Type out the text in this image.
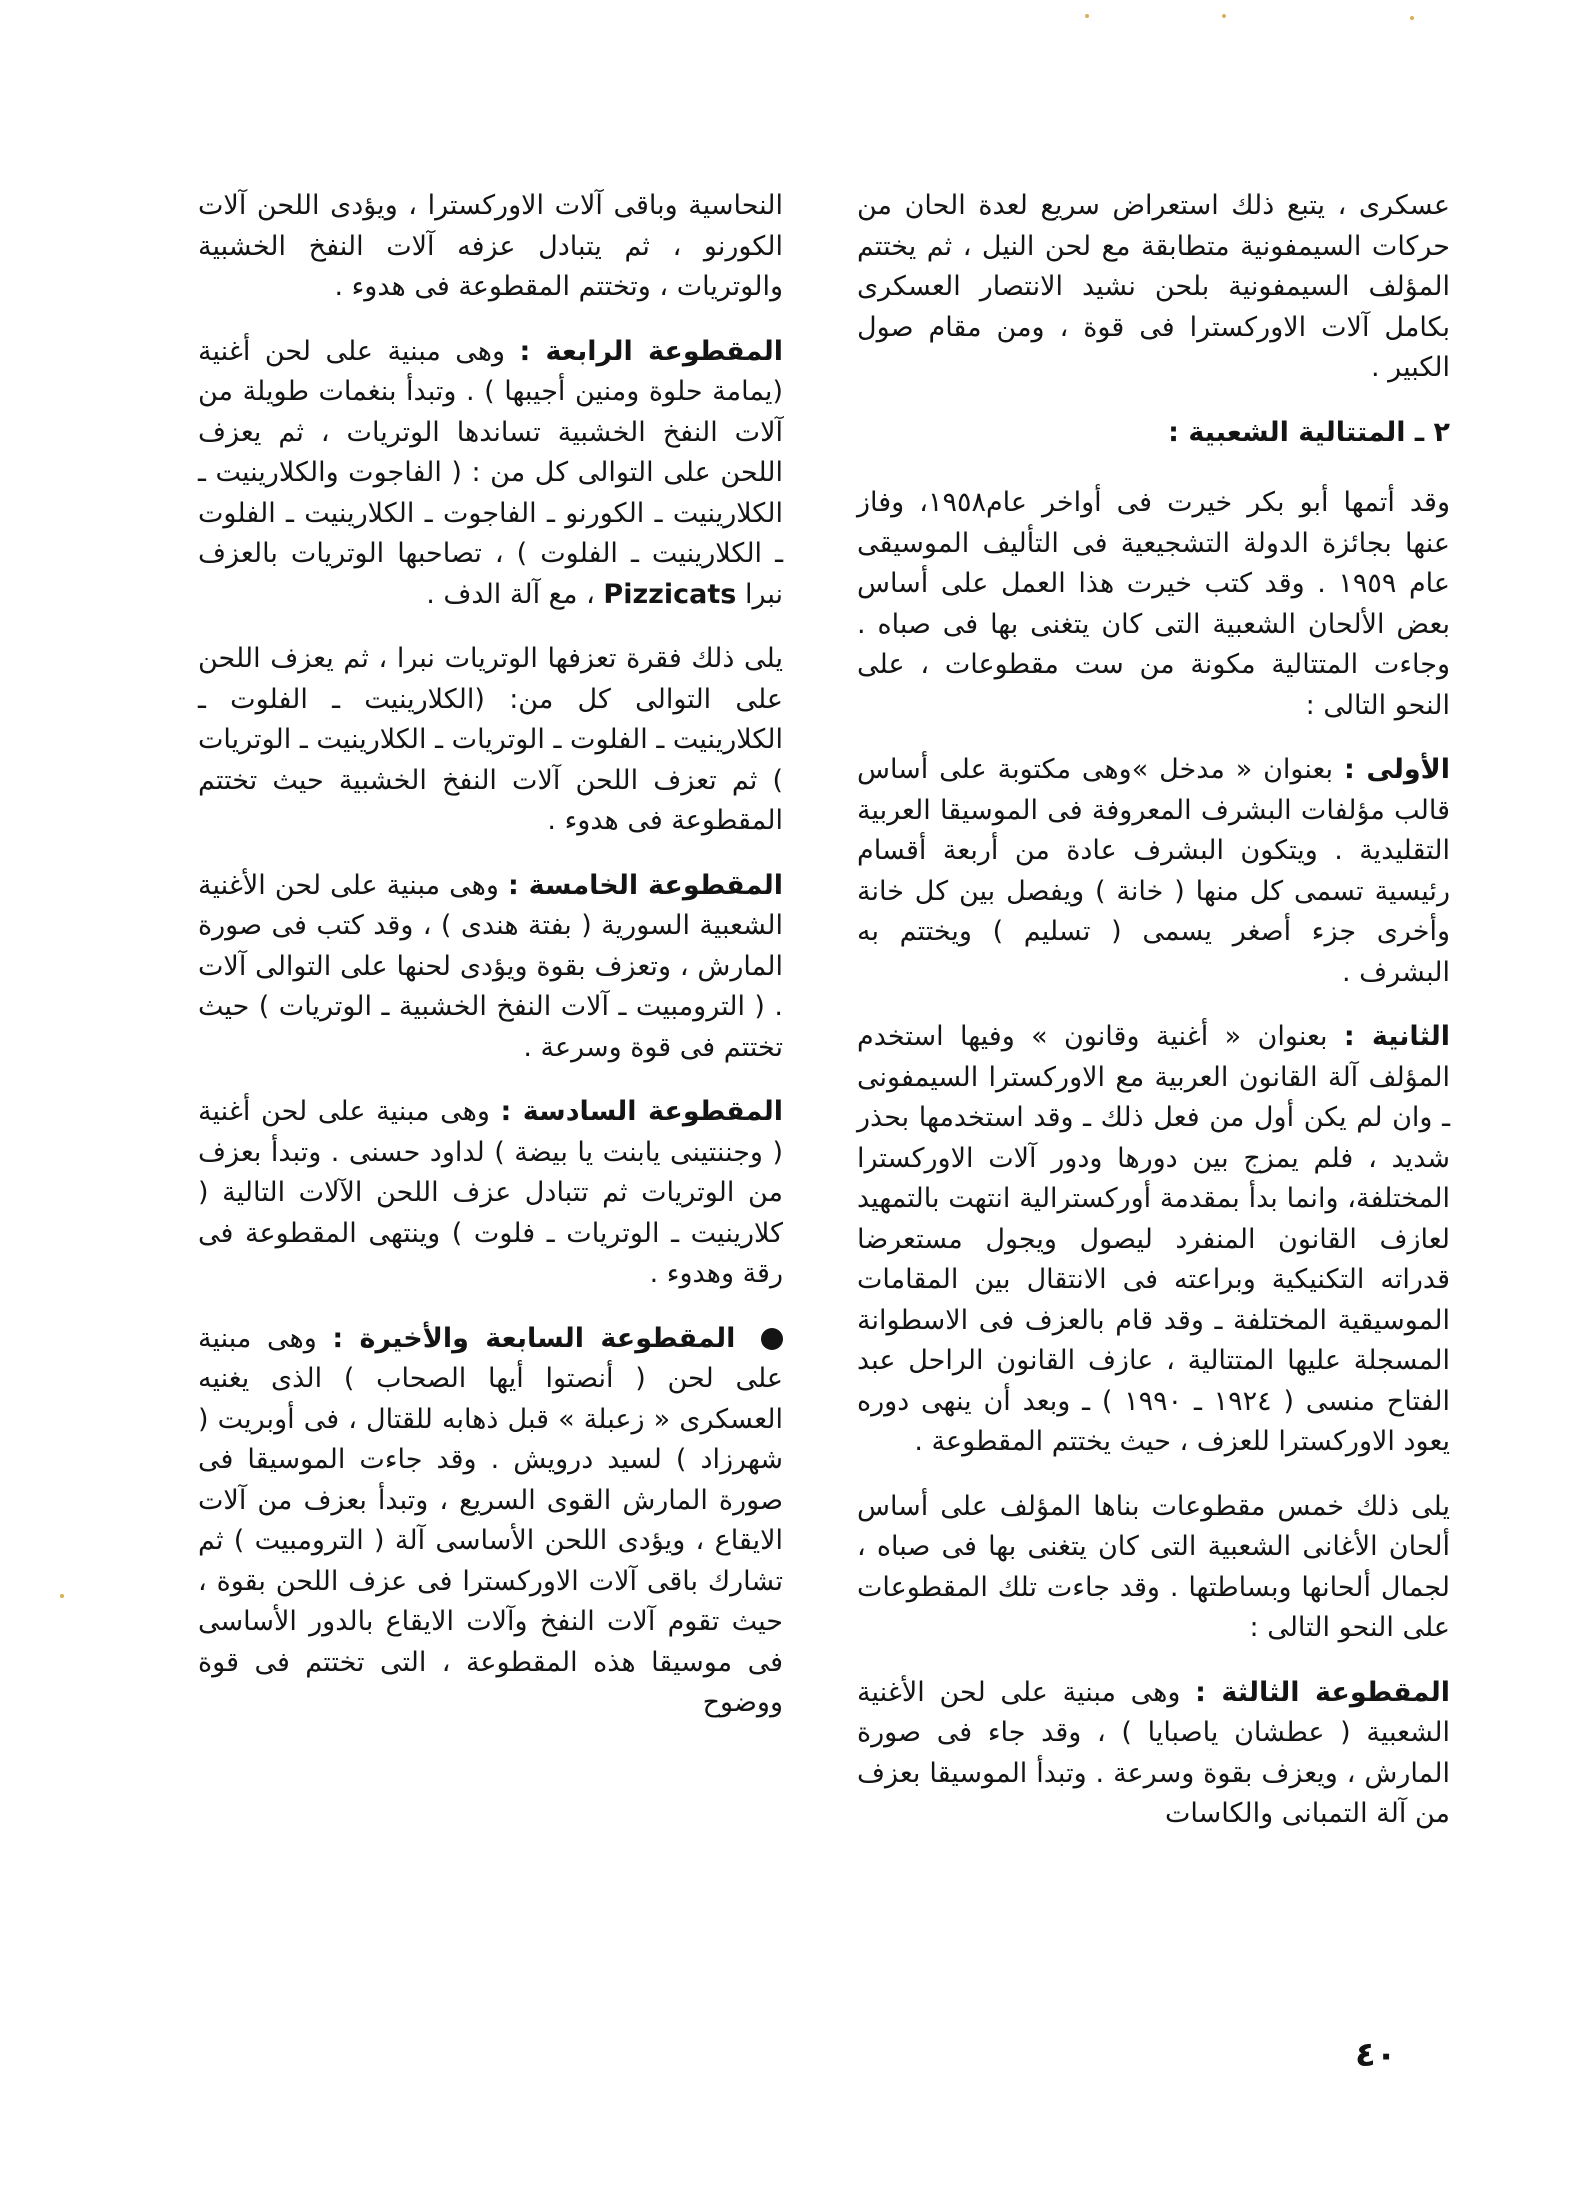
عسكرى ، يتبع ذلك استعراض سريع لعدة الحان من حركات السيمفونية متطابقة مع لحن النيل ، ثم يختتم المؤلف السيمفونية بلحن نشيد الانتصار العسكرى بكامل آلات الاوركسترا فى قوة ، ومن مقام صول الكبير .

٢ ـ المتتالية الشعبية :

وقد أتمها أبو بكر خيرت فى أواخر عام١٩٥٨، وفاز عنها بجائزة الدولة التشجيعية فى التأليف الموسيقى عام ١٩٥٩ . وقد كتب خيرت هذا العمل على أساس بعض الألحان الشعبية التى كان يتغنى بها فى صباه . وجاءت المتتالية مكونة من ست مقطوعات ، على النحو التالى :

الأولى : بعنوان « مدخل »وهى مكتوبة على أساس قالب مؤلفات البشرف المعروفة فى الموسيقا العربية التقليدية . ويتكون البشرف عادة من أربعة أقسام رئيسية تسمى كل منها ( خانة ) ويفصل بين كل خانة وأخرى جزء أصغر يسمى ( تسليم ) ويختتم به البشرف .

الثانية : بعنوان « أغنية وقانون » وفيها استخدم المؤلف آلة القانون العربية مع الاوركسترا السيمفونى ـ وان لم يكن أول من فعل ذلك ـ وقد استخدمها بحذر شديد ، فلم يمزج بين دورها ودور آلات الاوركسترا المختلفة، وانما بدأ بمقدمة أوركسترالية انتهت بالتمهيد لعازف القانون المنفرد ليصول ويجول مستعرضا قدراته التكنيكية وبراعته فى الانتقال بين المقامات الموسيقية المختلفة ـ وقد قام بالعزف فى الاسطوانة المسجلة عليها المتتالية ، عازف القانون الراحل عبد الفتاح منسى ( ١٩٢٤ ـ ١٩٩٠ ) ـ وبعد أن ينهى دوره يعود الاوركسترا للعزف ، حيث يختتم المقطوعة .

يلى ذلك خمس مقطوعات بناها المؤلف على أساس ألحان الأغانى الشعبية التى كان يتغنى بها فى صباه ، لجمال ألحانها وبساطتها . وقد جاءت تلك المقطوعات على النحو التالى :

المقطوعة الثالثة : وهى مبنية على لحن الأغنية الشعبية ( عطشان ياصبايا ) ، وقد جاء فى صورة المارش ، ويعزف بقوة وسرعة . وتبدأ الموسيقا بعزف من آلة التمبانى والكاسات

النحاسية وباقى آلات الاوركسترا ، ويؤدى اللحن آلات الكورنو ، ثم يتبادل عزفه آلات النفخ الخشبية والوتريات ، وتختتم المقطوعة فى هدوء .

المقطوعة الرابعة : وهى مبنية على لحن أغنية (يمامة حلوة ومنين أجيبها ) . وتبدأ بنغمات طويلة من آلات النفخ الخشبية تساندها الوتريات ، ثم يعزف اللحن على التوالى كل من : ( الفاجوت والكلارينيت ـ الكلارينيت ـ الكورنو ـ الفاجوت ـ الكلارينيت ـ الفلوت ـ الكلارينيت ـ الفلوت ) ، تصاحبها الوتريات بالعزف نبرا Pizzicats ، مع آلة الدف .

يلى ذلك فقرة تعزفها الوتريات نبرا ، ثم يعزف اللحن على التوالى كل من: (الكلارينيت ـ الفلوت ـ الكلارينيت ـ الفلوت ـ الوتريات ـ الكلارينيت ـ الوتريات ) ثم تعزف اللحن آلات النفخ الخشبية حيث تختتم المقطوعة فى هدوء .

المقطوعة الخامسة : وهى مبنية على لحن الأغنية الشعبية السورية ( بفتة هندى ) ، وقد كتب فى صورة المارش ، وتعزف بقوة ويؤدى لحنها على التوالى آلات . ( الترومبيت ـ آلات النفخ الخشبية ـ الوتريات ) حيث تختتم فى قوة وسرعة .

المقطوعة السادسة : وهى مبنية على لحن أغنية ( وجننتينى يابنت يا بيضة ) لداود حسنى . وتبدأ بعزف من الوتريات ثم تتبادل عزف اللحن الآلات التالية ( كلارينيت ـ الوتريات ـ فلوت ) وينتهى المقطوعة فى رقة وهدوء .

المقطوعة السابعة والأخيرة : وهى مبنية على لحن ( أنصتوا أيها الصحاب ) الذى يغنيه العسكرى « زعبلة » قبل ذهابه للقتال ، فى أوبريت ( شهرزاد ) لسيد درويش . وقد جاءت الموسيقا فى صورة المارش القوى السريع ، وتبدأ بعزف من آلات الايقاع ، ويؤدى اللحن الأساسى آلة ( الترومبيت ) ثم تشارك باقى آلات الاوركسترا فى عزف اللحن بقوة ، حيث تقوم آلات النفخ وآلات الايقاع بالدور الأساسى فى موسيقا هذه المقطوعة ، التى تختتم فى قوة ووضوح

٤٠
